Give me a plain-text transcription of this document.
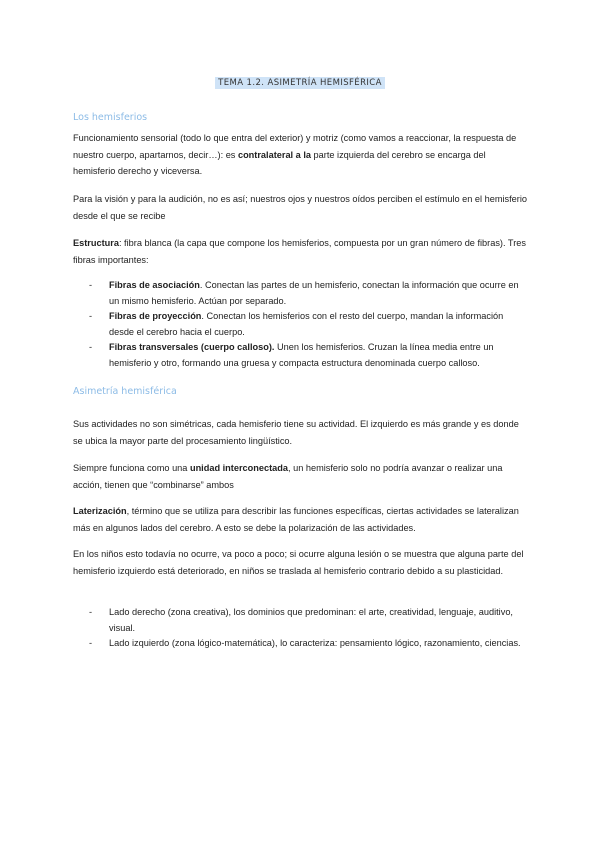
TEMA 1.2. ASIMETRÍA HEMISFÉRICA
Los hemisferios

Funcionamiento sensorial (todo lo que entra del exterior) y motriz (como vamos a reaccionar, la respuesta de nuestro cuerpo, apartarnos, decir…): es contralateral a la parte izquierda del cerebro se encarga del hemisferio derecho y viceversa.

Para la visión y para la audición, no es así; nuestros ojos y nuestros oídos perciben el estímulo en el hemisferio desde el que se recibe

Estructura: fibra blanca (la capa que compone los hemisferios, compuesta por un gran número de fibras). Tres fibras importantes:

- Fibras de asociación. Conectan las partes de un hemisferio, conectan la información que ocurre en un mismo hemisferio. Actúan por separado.
- Fibras de proyección. Conectan los hemisferios con el resto del cuerpo, mandan la información desde el cerebro hacia el cuerpo.
- Fibras transversales (cuerpo calloso). Unen los hemisferios. Cruzan la línea media entre un hemisferio y otro, formando una gruesa y compacta estructura denominada cuerpo calloso.
Asimetría hemisférica

Sus actividades no son simétricas, cada hemisferio tiene su actividad. El izquierdo es más grande y es donde se ubica la mayor parte del procesamiento lingüístico.

Siempre funciona como una unidad interconectada, un hemisferio solo no podría avanzar o realizar una acción, tienen que “combinarse” ambos

Laterización, término que se utiliza para describir las funciones específicas, ciertas actividades se lateralizan más en algunos lados del cerebro. A esto se debe la polarización de las actividades.

En los niños esto todavía no ocurre, va poco a poco; si ocurre alguna lesión o se muestra que alguna parte del hemisferio izquierdo está deteriorado, en niños se traslada al hemisferio contrario debido a su plasticidad.

- Lado derecho (zona creativa), los dominios que predominan: el arte, creatividad, lenguaje, auditivo, visual.
- Lado izquierdo (zona lógico-matemática), lo caracteriza: pensamiento lógico, razonamiento, ciencias.
